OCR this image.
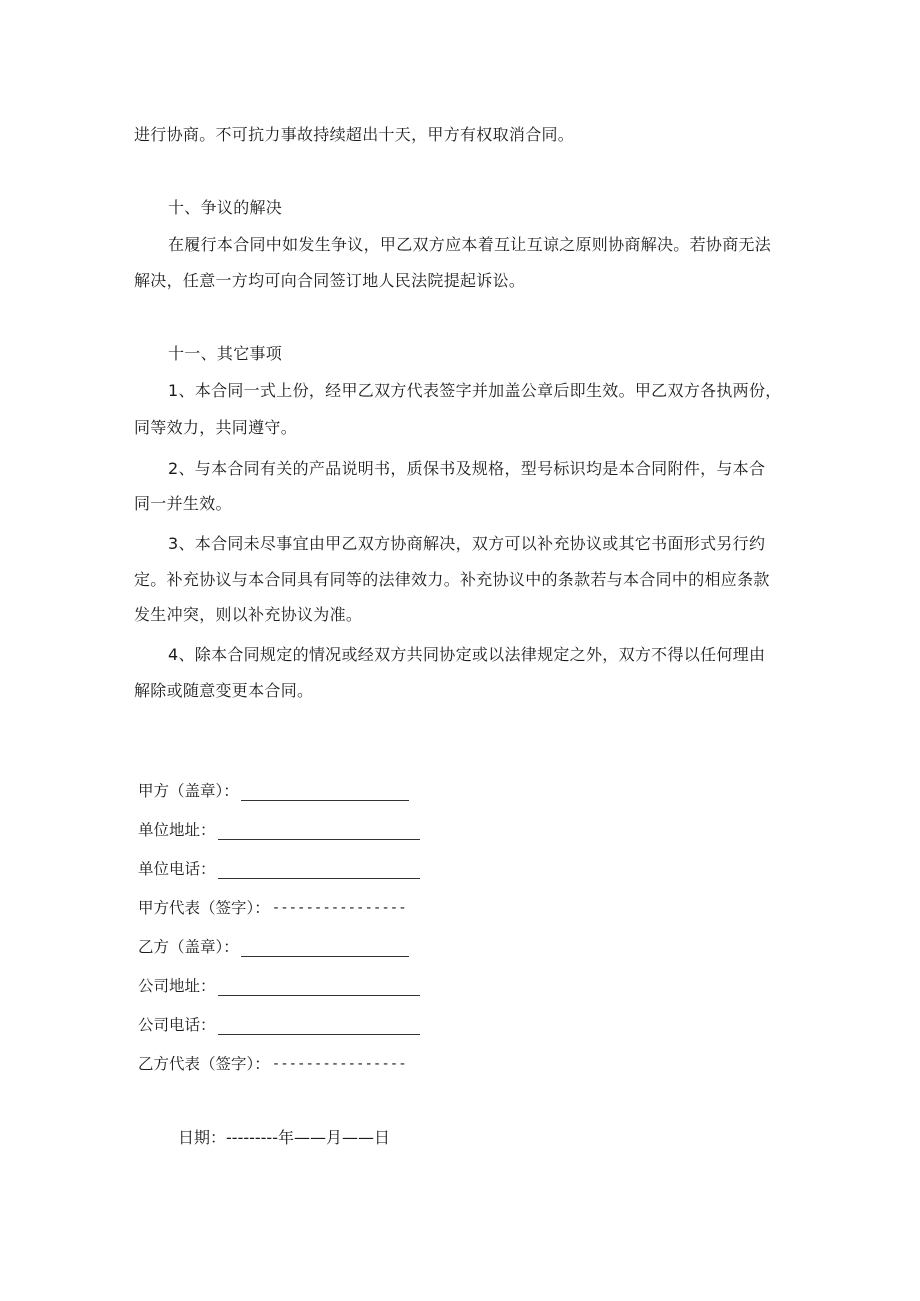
进行协商。不可抗力事故持续超出十天，甲方有权取消合同。
十、争议的解决
在履行本合同中如发生争议，甲乙双方应本着互让互谅之原则协商解决。若协商无法
解决，任意一方均可向合同签订地人民法院提起诉讼。
十一、其它事项
1、本合同一式上份，经甲乙双方代表签字并加盖公章后即生效。甲乙双方各执两份，
同等效力，共同遵守。
2、与本合同有关的产品说明书，质保书及规格，型号标识均是本合同附件，与本合
同一并生效。
3、本合同未尽事宜由甲乙双方协商解决，双方可以补充协议或其它书面形式另行约
定。补充协议与本合同具有同等的法律效力。补充协议中的条款若与本合同中的相应条款
发生冲突，则以补充协议为准。
4、除本合同规定的情况或经双方共同协定或以法律规定之外，双方不得以任何理由
解除或随意变更本合同。
甲方（盖章）：
单位地址：
单位电话：
甲方代表（签字）： ----------------
乙方（盖章）：
公司地址：
公司电话：
乙方代表（签字）： ----------------
日期：---------年——月——日
